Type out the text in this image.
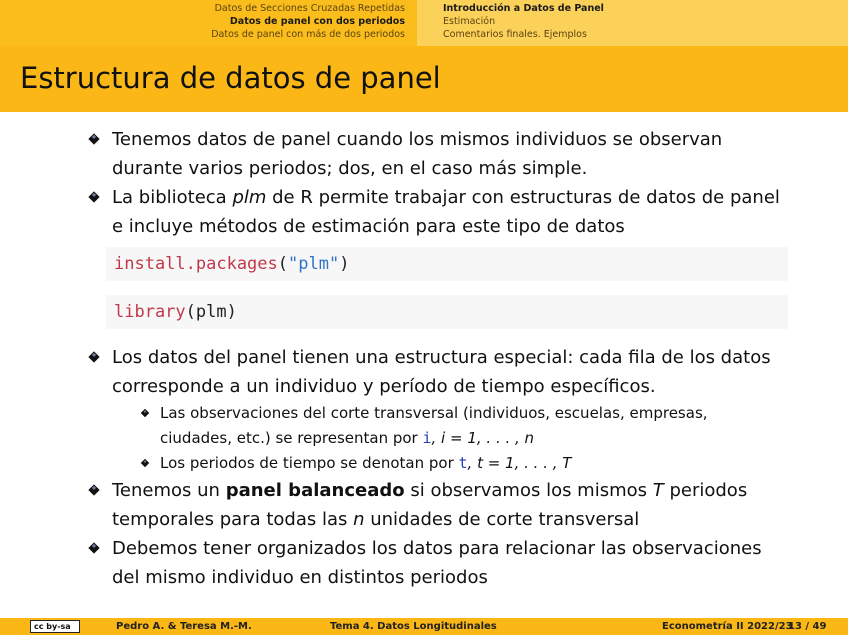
Datos de Secciones Cruzadas Repetidas
Datos de panel con dos periodos
Datos de panel con más de dos periodos
Introducción a Datos de Panel
Estimación
Comentarios finales. Ejemplos
Estructura de datos de panel
Tenemos datos de panel cuando los mismos individuos se observan durante varios periodos; dos, en el caso más simple.
La biblioteca plm de R permite trabajar con estructuras de datos de panel e incluye métodos de estimación para este tipo de datos
install.packages("plm")
library(plm)
Los datos del panel tienen una estructura especial: cada fila de los datos corresponde a un individuo y período de tiempo específicos.
Las observaciones del corte transversal (individuos, escuelas, empresas, ciudades, etc.) se representan por i, i = 1, . . . , n
Los periodos de tiempo se denotan por t, t = 1, . . . , T
Tenemos un panel balanceado si observamos los mismos T periodos temporales para todas las n unidades de corte transversal
Debemos tener organizados los datos para relacionar las observaciones del mismo individuo en distintos periodos
cc by-sa	Pedro A. & Teresa M.-M.	Tema 4. Datos Longitudinales	Econometría II 2022/23
13 / 49
